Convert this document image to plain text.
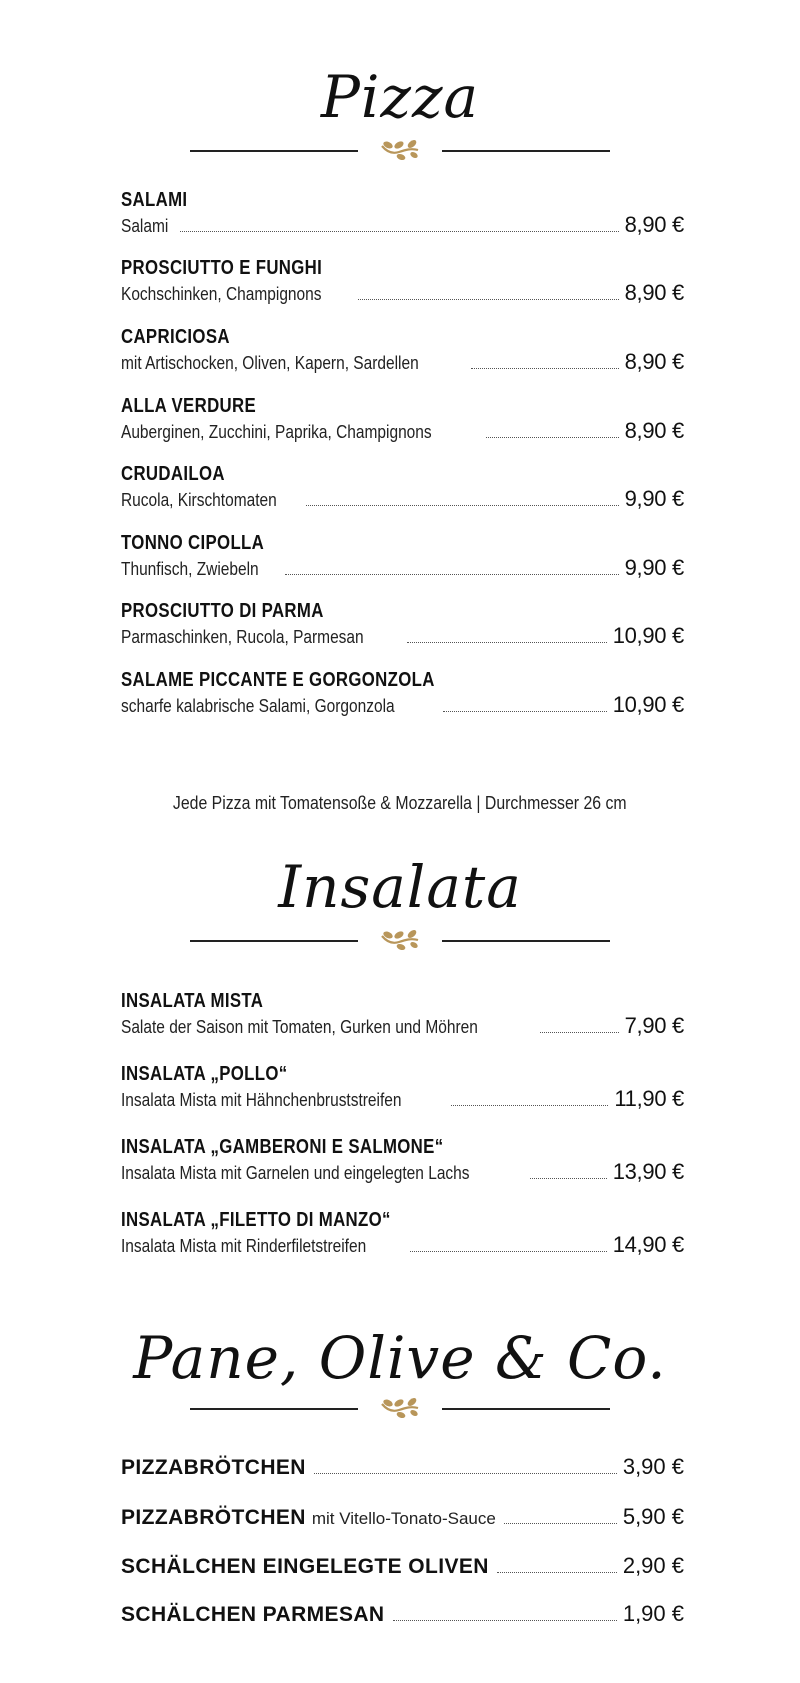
Pizza
SALAMI
Salami	8,90 €
PROSCIUTTO E FUNGHI
Kochschinken, Champignons	8,90 €
CAPRICIOSA
mit Artischocken, Oliven, Kapern, Sardellen	8,90 €
ALLA VERDURE
Auberginen, Zucchini, Paprika, Champignons	8,90 €
CRUDAILOA
Rucola, Kirschtomaten	9,90 €
TONNO CIPOLLA
Thunfisch, Zwiebeln	9,90 €
PROSCIUTTO DI PARMA
Parmaschinken, Rucola, Parmesan	10,90 €
SALAME PICCANTE E GORGONZOLA
scharfe kalabrische Salami, Gorgonzola	10,90 €
Jede Pizza mit Tomatensoße & Mozzarella | Durchmesser 26 cm
Insalata
INSALATA MISTA
Salate der Saison mit Tomaten, Gurken und Möhren	7,90 €
INSALATA „POLLO“
Insalata Mista mit Hähnchenbruststreifen	11,90 €
INSALATA „GAMBERONI E SALMONE“
Insalata Mista mit Garnelen und eingelegten Lachs	13,90 €
INSALATA „FILETTO DI MANZO“
Insalata Mista mit Rinderfiletstreifen	14,90 €
Pane, Olive & Co.
PIZZABRÖTCHEN	3,90 €
PIZZABRÖTCHEN mit Vitello-Tonato-Sauce	5,90 €
SCHÄLCHEN EINGELEGTE OLIVEN	2,90 €
SCHÄLCHEN PARMESAN	1,90 €
